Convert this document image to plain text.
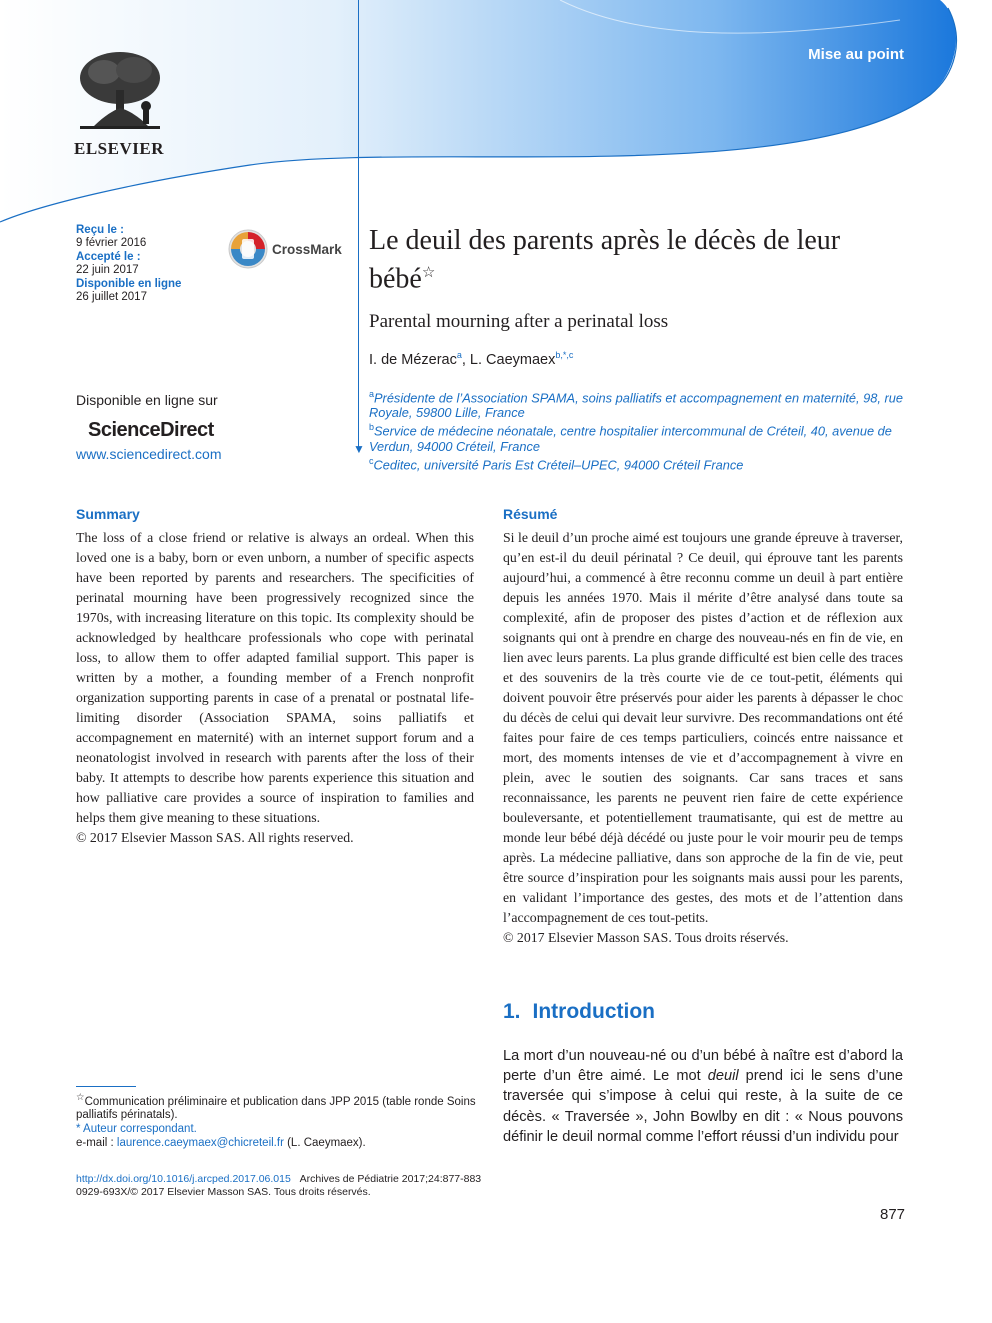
Mise au point
ELSEVIER
Reçu le :
9 février 2016
Accepté le :
22 juin 2017
Disponible en ligne
26 juillet 2017
CrossMark
Disponible en ligne sur
ScienceDirect
www.sciencedirect.com	▼
Le deuil des parents après le décès de leur bébé☆
Parental mourning after a perinatal loss
I. de Mézerac$^a$, L. Caeymaex$^{b,*,c}$
$^a$Présidente de l’Association SPAMA, soins palliatifs et accompagnement en maternité, 98, rue Royale, 59800 Lille, France
$^b$Service de médecine néonatale, centre hospitalier intercommunal de Créteil, 40, avenue de Verdun, 94000 Créteil, France
$^c$Ceditec, université Paris Est Créteil–UPEC, 94000 Créteil France
Summary
The loss of a close friend or relative is always an ordeal. When this loved one is a baby, born or even unborn, a number of specific aspects have been reported by parents and researchers. The specificities of perinatal mourning have been progressively recognized since the 1970s, with increasing literature on this topic. Its complexity should be acknowledged by healthcare professionals who cope with perinatal loss, to allow them to offer adapted familial support. This paper is written by a mother, a founding member of a French nonprofit organization supporting parents in case of a prenatal or postnatal life-limiting disorder (Association SPAMA, soins palliatifs et accompagnement en maternité) with an internet support forum and a neonatologist involved in research with parents after the loss of their baby. It attempts to describe how parents experience this situation and how palliative care provides a source of inspiration to families and helps them give meaning to these situations.
© 2017 Elsevier Masson SAS. All rights reserved.
Résumé
Si le deuil d’un proche aimé est toujours une grande épreuve à traverser, qu’en est-il du deuil périnatal ? Ce deuil, qui éprouve tant les parents aujourd’hui, a commencé à être reconnu comme un deuil à part entière depuis les années 1970. Mais il mérite d’être analysé dans toute sa complexité, afin de proposer des pistes d’action et de réflexion aux soignants qui ont à prendre en charge des nouveau-nés en fin de vie, en lien avec leurs parents. La plus grande difficulté est bien celle des traces et des souvenirs de la très courte vie de ce tout-petit, éléments qui doivent pouvoir être préservés pour aider les parents à dépasser le choc du décès de celui qui devait leur survivre. Des recommandations ont été faites pour faire de ces temps particuliers, coincés entre naissance et mort, des moments intenses de vie et d’accompagnement à vivre en plein, avec le soutien des soignants. Car sans traces et sans reconnaissance, les parents ne peuvent rien faire de cette expérience bouleversante, et potentiellement traumatisante, qui est de mettre au monde leur bébé déjà décédé ou juste pour le voir mourir peu de temps après. La médecine palliative, dans son approche de la fin de vie, peut être source d’inspiration pour les soignants mais aussi pour les parents, en validant l’importance des gestes, des mots et de l’attention dans l’accompagnement de ces tout-petits.
© 2017 Elsevier Masson SAS. Tous droits réservés.
1. Introduction
La mort d’un nouveau-né ou d’un bébé à naître est d’abord la perte d’un être aimé. Le mot deuil prend ici le sens d’une traversée qui s’impose à celui qui reste, à la suite de ce décès. « Traversée », John Bowlby en dit : « Nous pouvons définir le deuil normal comme l’effort réussi d’un individu pour
☆Communication préliminaire et publication dans JPP 2015 (table ronde Soins palliatifs périnatals).
* Auteur correspondant.
e-mail : laurence.caeymaex@chicreteil.fr (L. Caeymaex).
http://dx.doi.org/10.1016/j.arcped.2017.06.015 Archives de Pédiatrie 2017;24:877-883
0929-693X/© 2017 Elsevier Masson SAS. Tous droits réservés.
877
